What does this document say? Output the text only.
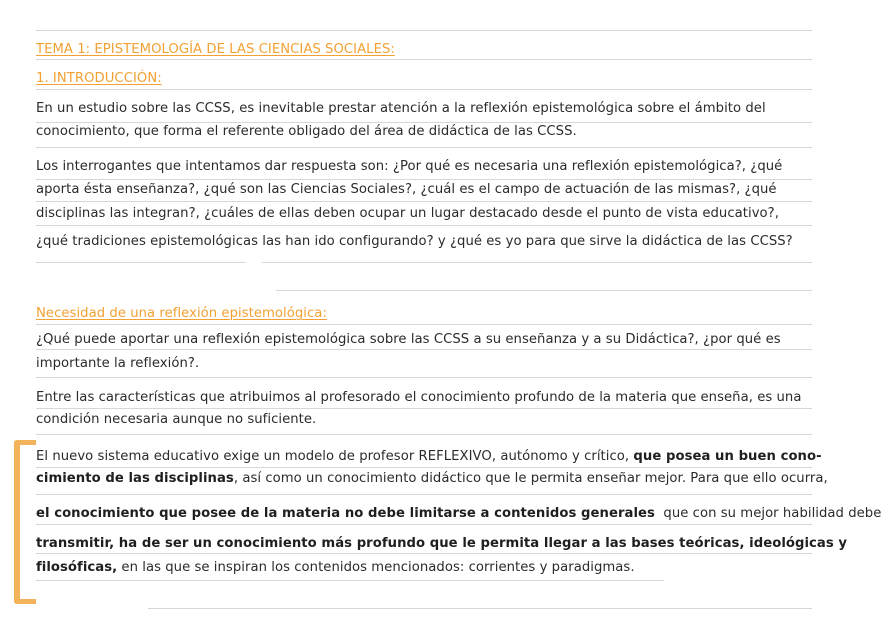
TEMA 1: EPISTEMOLOGÍA DE LAS CIENCIAS SOCIALES:
1. INTRODUCCIÓN:
En un estudio sobre las CCSS, es inevitable prestar atención a la reflexión epistemológica sobre el ámbito del
conocimiento, que forma el referente obligado del área de didáctica de las CCSS.
Los interrogantes que intentamos dar respuesta son: ¿Por qué es necesaria una reflexión epistemológica?, ¿qué
aporta ésta enseñanza?, ¿qué son las Ciencias Sociales?, ¿cuál es el campo de actuación de las mismas?, ¿qué
disciplinas las integran?, ¿cuáles de ellas deben ocupar un lugar destacado desde el punto de vista educativo?,
¿qué tradiciones epistemológicas las han ido configurando? y ¿qué es yo para que sirve la didáctica de las CCSS?
Necesidad de una reflexión epistemológica:
¿Qué puede aportar una reflexión epistemológica sobre las CCSS a su enseñanza y a su Didáctica?, ¿por qué es
importante la reflexión?.
Entre las características que atribuimos al profesorado el conocimiento profundo de la materia que enseña, es una
condición necesaria aunque no suficiente.
El nuevo sistema educativo exige un modelo de profesor REFLEXIVO, autónomo y crítico, que posea un buen cono-
cimiento de las disciplinas, así como un conocimiento didáctico que le permita enseñar mejor. Para que ello ocurra,
el conocimiento que posee de la materia no debe limitarse a contenidos generales  que con su mejor habilidad debe
transmitir, ha de ser un conocimiento más profundo que le permita llegar a las bases teóricas, ideológicas y
filosóficas, en las que se inspiran los contenidos mencionados: corrientes y paradigmas.
